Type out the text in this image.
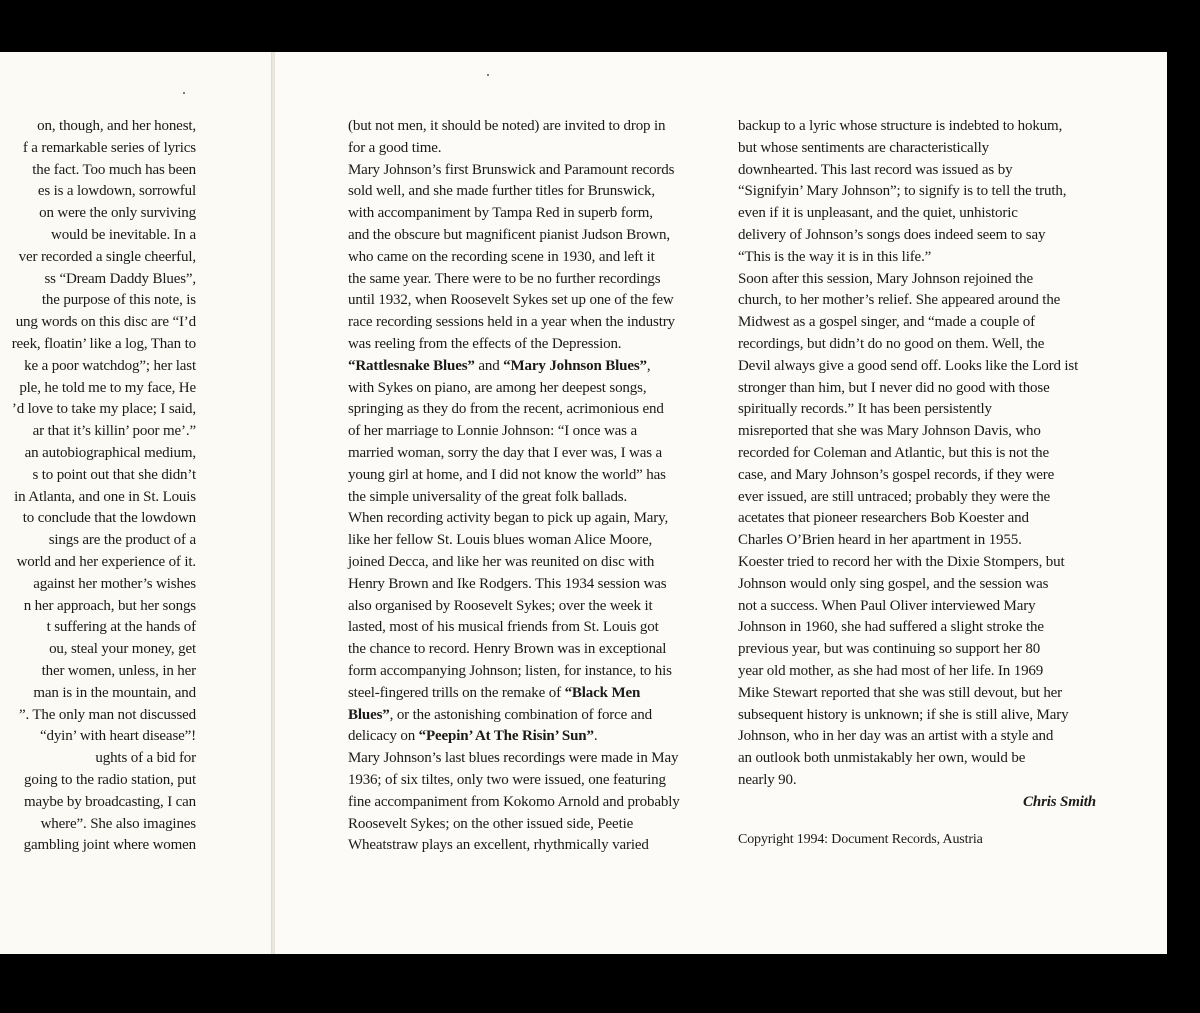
on, though, and her honest,
f a remarkable series of lyrics
the fact. Too much has been
es is a lowdown, sorrowful
on were the only surviving
would be inevitable. In a
ver recorded a single cheerful,
ss “Dream Daddy Blues”,
the purpose of this note, is
ung words on this disc are “I’d
reek, floatin’ like a log, Than to
ke a poor watchdog”; her last
ple, he told me to my face, He
’d love to take my place; I said,
ar that it’s killin’ poor me’.”
an autobiographical medium,
s to point out that she didn’t
in Atlanta, and one in St. Louis
to conclude that the lowdown
sings are the product of a
world and her experience of it.
against her mother’s wishes
n her approach, but her songs
t suffering at the hands of
ou, steal your money, get
ther women, unless, in her
man is in the mountain, and
”. The only man not discussed
“dyin’ with heart disease”!
ughts of a bid for
going to the radio station, put
maybe by broadcasting, I can
where”. She also imagines
gambling joint where women
(but not men, it should be noted) are invited to drop in
for a good time.
Mary Johnson’s first Brunswick and Paramount records
sold well, and she made further titles for Brunswick,
with accompaniment by Tampa Red in superb form,
and the obscure but magnificent pianist Judson Brown,
who came on the recording scene in 1930, and left it
the same year. There were to be no further recordings
until 1932, when Roosevelt Sykes set up one of the few
race recording sessions held in a year when the industry
was reeling from the effects of the Depression.
“Rattlesnake Blues” and “Mary Johnson Blues”,
with Sykes on piano, are among her deepest songs,
springing as they do from the recent, acrimonious end
of her marriage to Lonnie Johnson: “I once was a
married woman, sorry the day that I ever was, I was a
young girl at home, and I did not know the world” has
the simple universality of the great folk ballads.
When recording activity began to pick up again, Mary,
like her fellow St. Louis blues woman Alice Moore,
joined Decca, and like her was reunited on disc with
Henry Brown and Ike Rodgers. This 1934 session was
also organised by Roosevelt Sykes; over the week it
lasted, most of his musical friends from St. Louis got
the chance to record. Henry Brown was in exceptional
form accompanying Johnson; listen, for instance, to his
steel-fingered trills on the remake of “Black Men
Blues”, or the astonishing combination of force and
delicacy on “Peepin’ At The Risin’ Sun”.
Mary Johnson’s last blues recordings were made in May
1936; of six tiltes, only two were issued, one featuring
fine accompaniment from Kokomo Arnold and probably
Roosevelt Sykes; on the other issued side, Peetie
Wheatstraw plays an excellent, rhythmically varied
backup to a lyric whose structure is indebted to hokum,
but whose sentiments are characteristically
downhearted. This last record was issued as by
“Signifyin’ Mary Johnson”; to signify is to tell the truth,
even if it is unpleasant, and the quiet, unhistoric
delivery of Johnson’s songs does indeed seem to say
“This is the way it is in this life.”
Soon after this session, Mary Johnson rejoined the
church, to her mother’s relief. She appeared around the
Midwest as a gospel singer, and “made a couple of
recordings, but didn’t do no good on them. Well, the
Devil always give a good send off. Looks like the Lord ist
stronger than him, but I never did no good with those
spiritually records.” It has been persistently
misreported that she was Mary Johnson Davis, who
recorded for Coleman and Atlantic, but this is not the
case, and Mary Johnson’s gospel records, if they were
ever issued, are still untraced; probably they were the
acetates that pioneer researchers Bob Koester and
Charles O’Brien heard in her apartment in 1955.
Koester tried to record her with the Dixie Stompers, but
Johnson would only sing gospel, and the session was
not a success. When Paul Oliver interviewed Mary
Johnson in 1960, she had suffered a slight stroke the
previous year, but was continuing so support her 80
year old mother, as she had most of her life. In 1969
Mike Stewart reported that she was still devout, but her
subsequent history is unknown; if she is still alive, Mary
Johnson, who in her day was an artist with a style and
an outlook both unmistakably her own, would be
nearly 90.
Chris Smith
Copyright 1994: Document Records, Austria
